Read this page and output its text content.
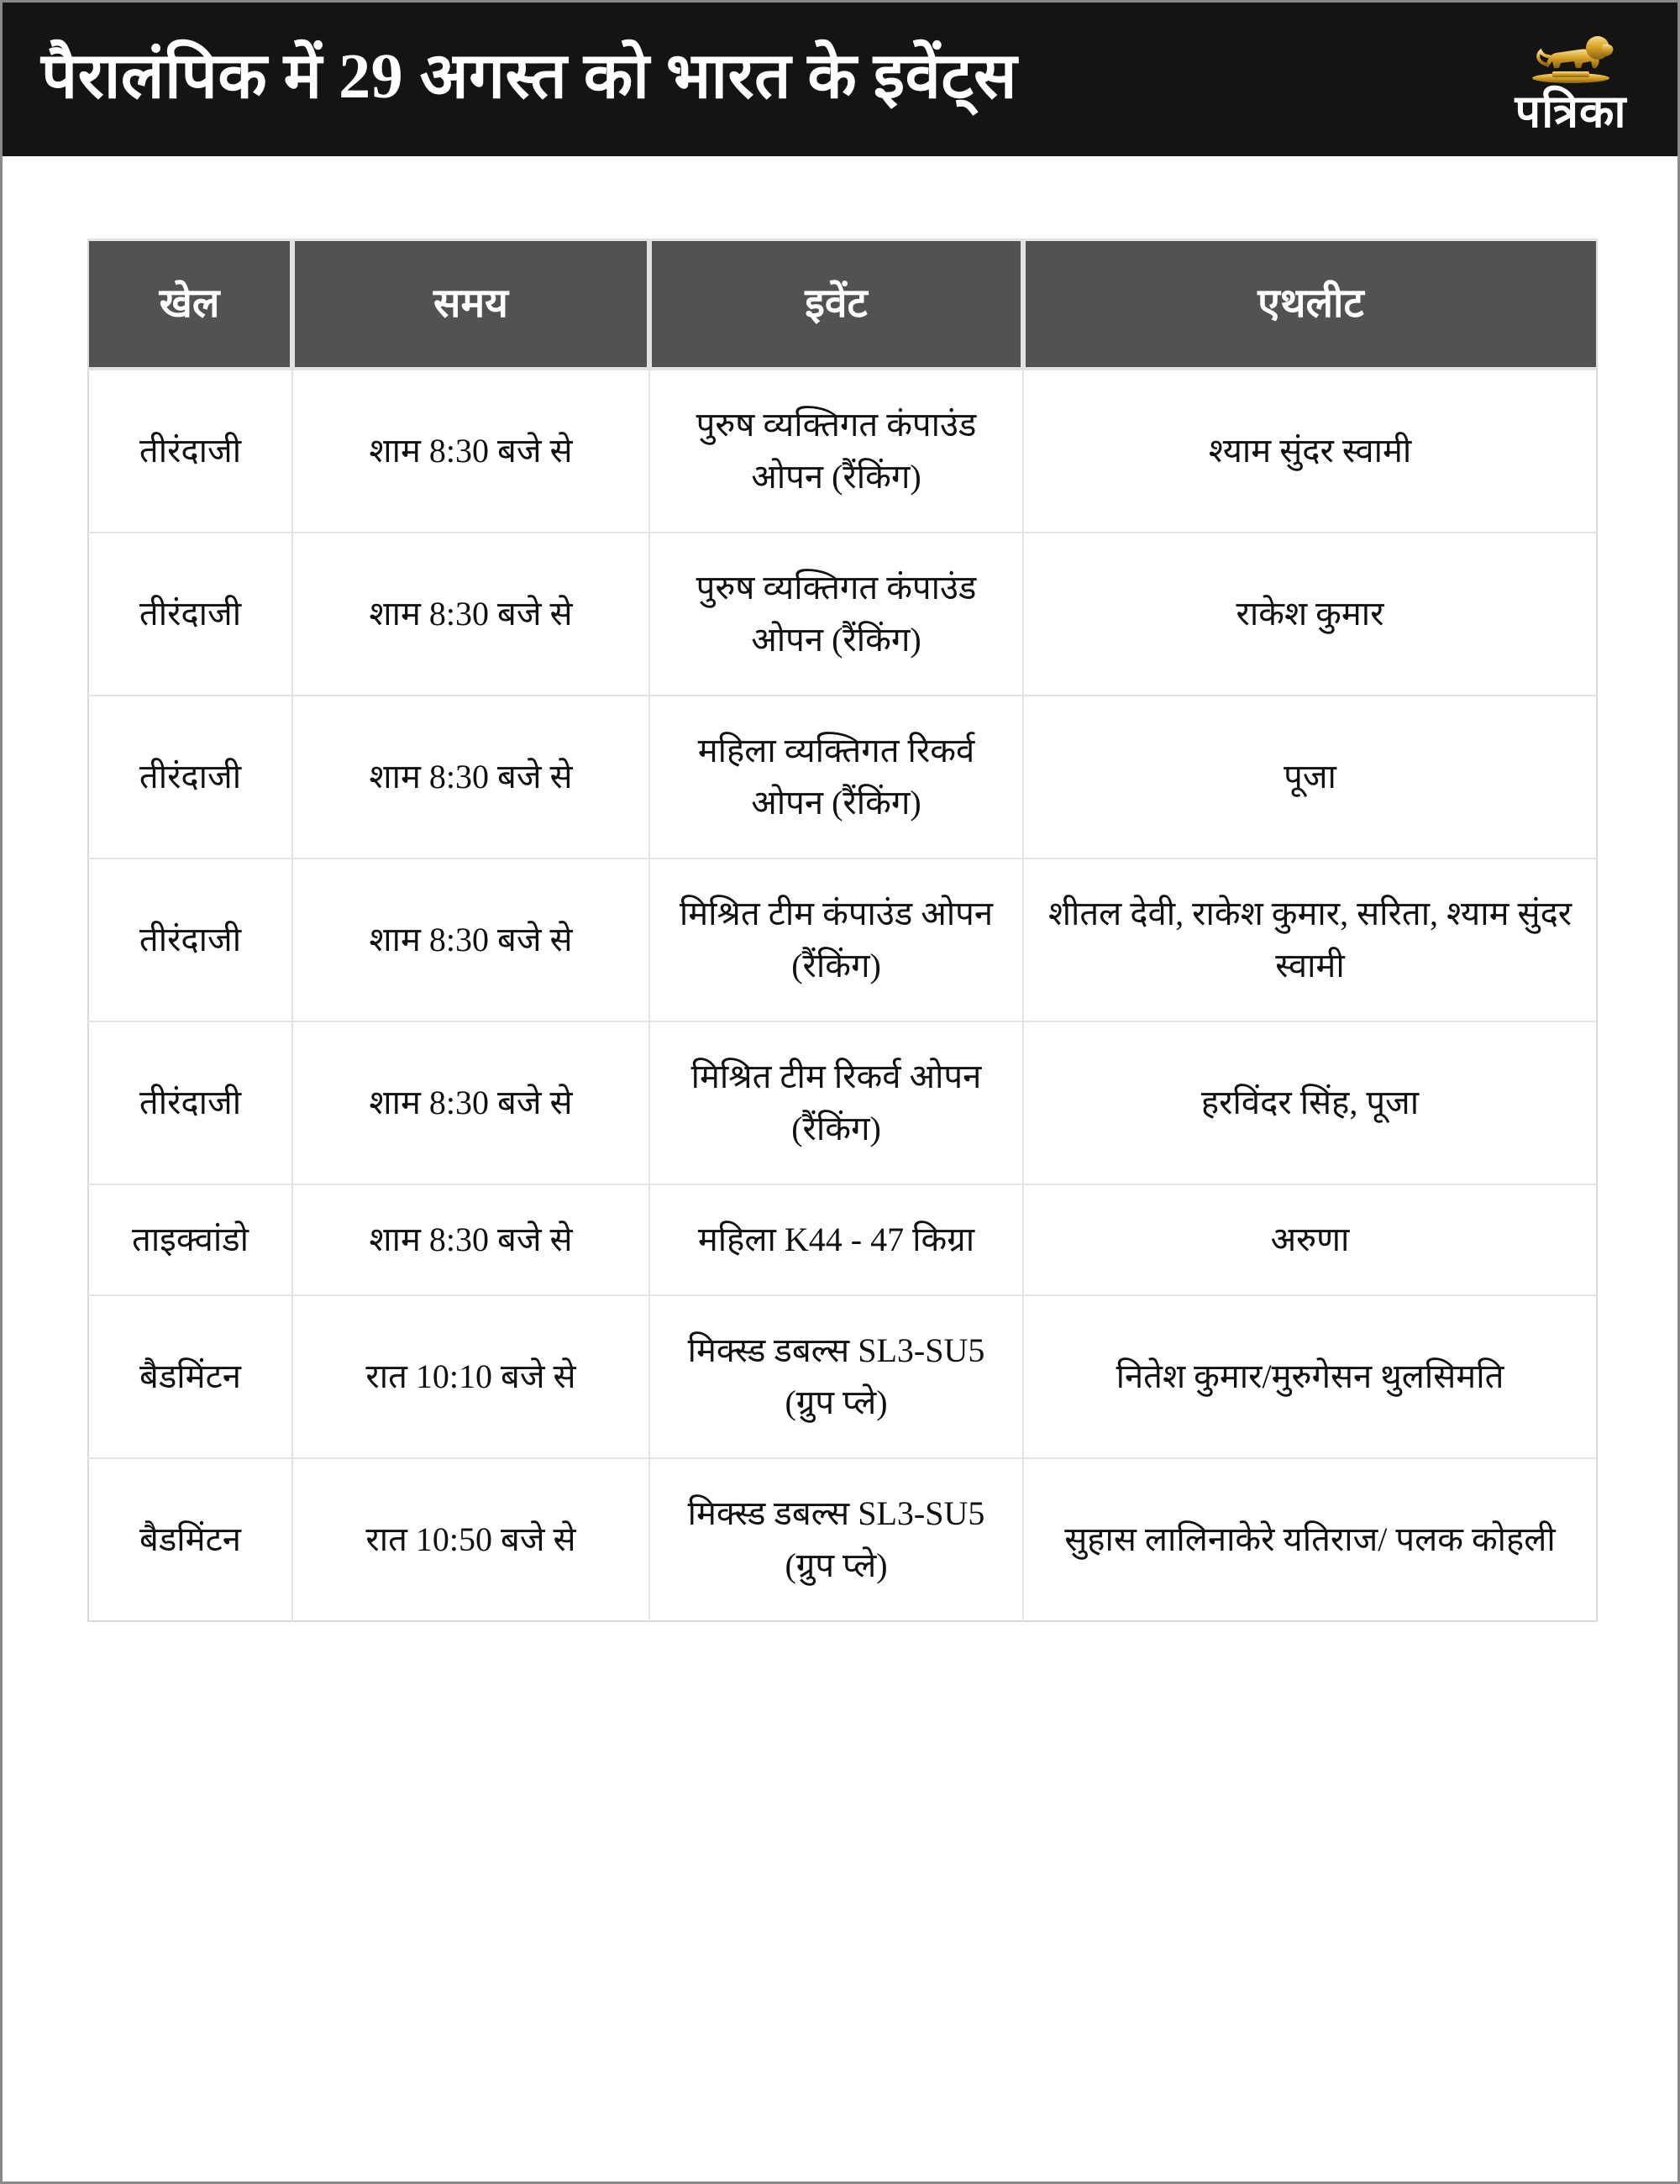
पैरालंपिक में 29 अगस्त को भारत के इवेंट्स
पत्रिका
खेल	समय	इवेंट	एथलीट
तीरंदाजी	शाम 8:30 बजे से	पुरुष व्यक्तिगत कंपाउंड ओपन (रैंकिंग)	श्याम सुंदर स्वामी
तीरंदाजी	शाम 8:30 बजे से	पुरुष व्यक्तिगत कंपाउंड ओपन (रैंकिंग)	राकेश कुमार
तीरंदाजी	शाम 8:30 बजे से	महिला व्यक्तिगत रिकर्व ओपन (रैंकिंग)	पूजा
तीरंदाजी	शाम 8:30 बजे से	मिश्रित टीम कंपाउंड ओपन (रैंकिंग)	शीतल देवी, राकेश कुमार, सरिता, श्याम सुंदर स्वामी
तीरंदाजी	शाम 8:30 बजे से	मिश्रित टीम रिकर्व ओपन (रैंकिंग)	हरविंदर सिंह, पूजा
ताइक्वांडो	शाम 8:30 बजे से	महिला K44 - 47 किग्रा	अरुणा
बैडमिंटन	रात 10:10 बजे से	मिक्स्ड डबल्स SL3-SU5 (ग्रुप प्ले)	नितेश कुमार/मुरुगेसन थुलसिमति
बैडमिंटन	रात 10:50 बजे से	मिक्स्ड डबल्स SL3-SU5 (ग्रुप प्ले)	सुहास लालिनाकेरे यतिराज/ पलक कोहली
